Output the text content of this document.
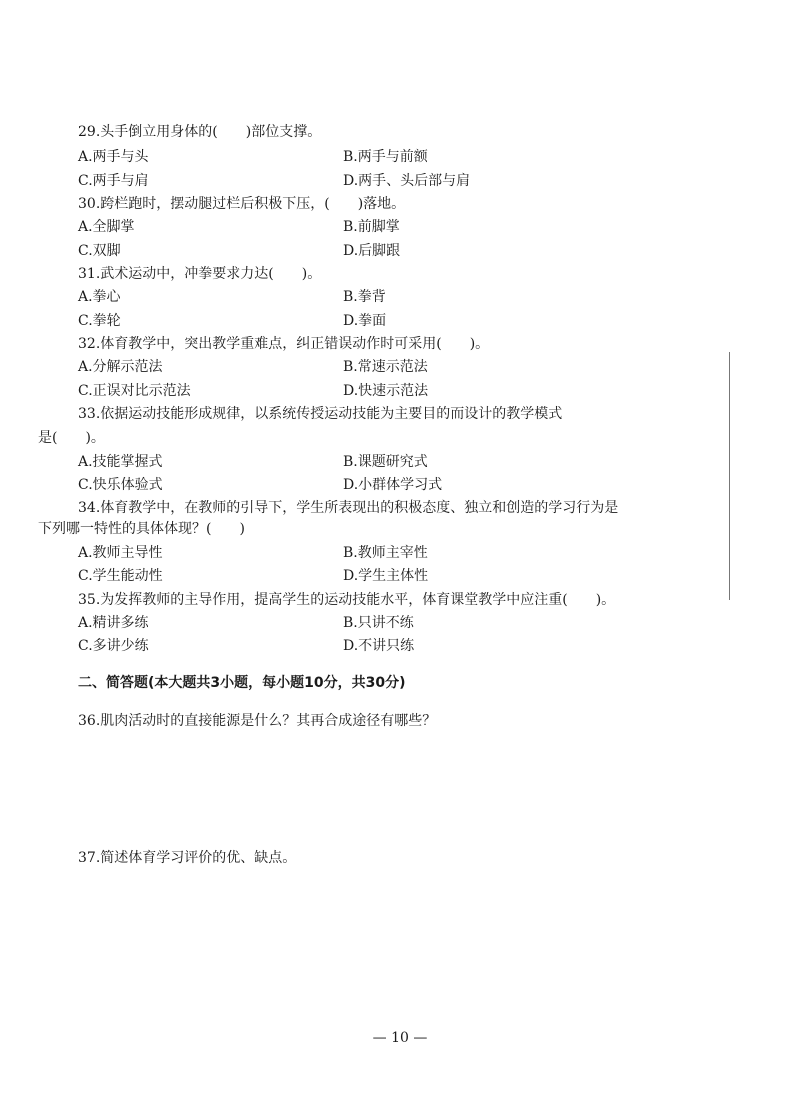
29.头手倒立用身体的(　　)部位支撑。
A.两手与头	B.两手与前额
C.两手与肩	D.两手、头后部与肩
30.跨栏跑时，摆动腿过栏后积极下压，(　　)落地。
A.全脚掌	B.前脚掌
C.双脚	D.后脚跟
31.武术运动中，冲拳要求力达(　　)。
A.拳心	B.拳背
C.拳轮	D.拳面
32.体育教学中，突出教学重难点，纠正错误动作时可采用(　　)。
A.分解示范法	B.常速示范法
C.正误对比示范法	D.快速示范法
33.依据运动技能形成规律，以系统传授运动技能为主要目的而设计的教学模式
是(　　)。
A.技能掌握式	B.课题研究式
C.快乐体验式	D.小群体学习式
34.体育教学中，在教师的引导下，学生所表现出的积极态度、独立和创造的学习行为是
下列哪一特性的具体体现？(　　)
A.教师主导性	B.教师主宰性
C.学生能动性	D.学生主体性
35.为发挥教师的主导作用，提高学生的运动技能水平，体育课堂教学中应注重(　　)。
A.精讲多练	B.只讲不练
C.多讲少练	D.不讲只练
二、简答题(本大题共3小题，每小题10分，共30分)
36.肌肉活动时的直接能源是什么？其再合成途径有哪些？
37.简述体育学习评价的优、缺点。
— 10 —
